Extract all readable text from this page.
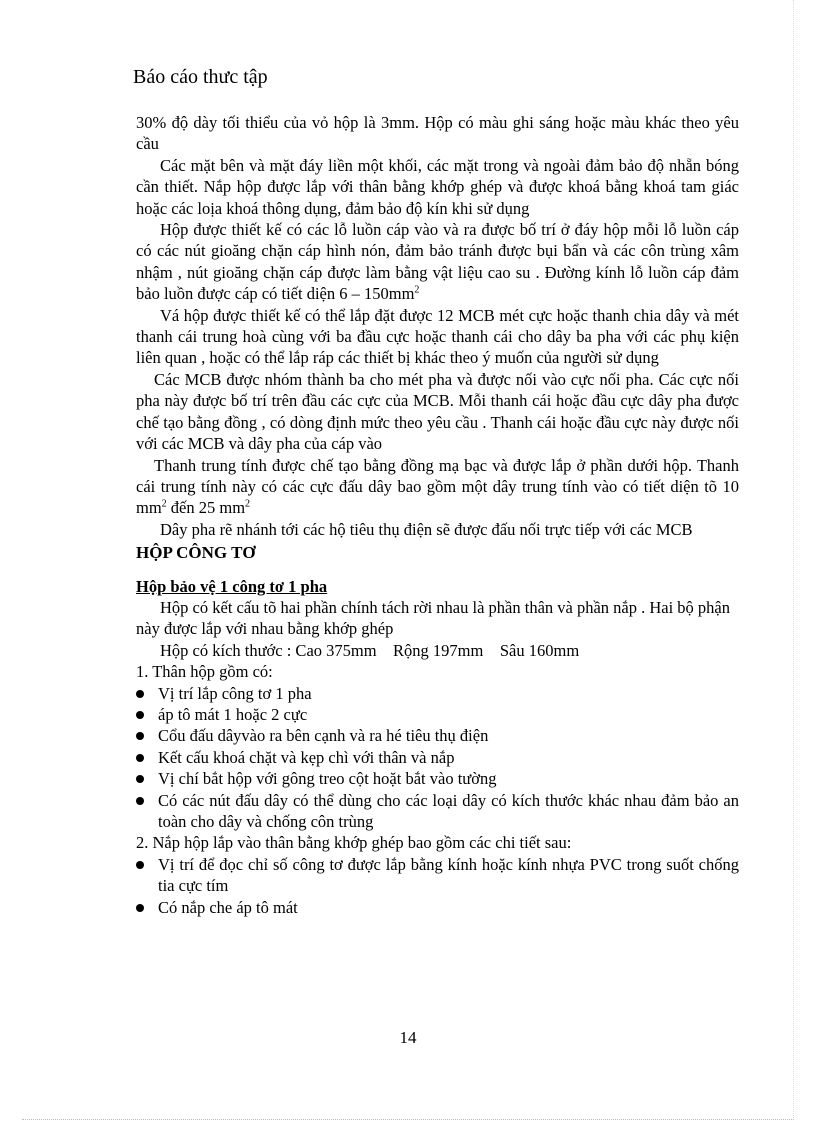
Báo cáo thưc tập

30% độ dày tối thiểu của vỏ hộp là 3mm. Hộp có màu ghi sáng hoặc màu khác theo yêu cầu

Các mặt bên và mặt đáy liền một khối, các mặt trong và ngoài đảm bảo độ nhẵn bóng cần thiết. Nắp hộp được lắp với thân bằng khớp ghép và được khoá bằng khoá tam giác hoặc các loịa khoá thông dụng, đảm bảo độ kín khi sử dụng

Hộp được thiết kế có các lỗ luồn cáp vào và ra được bố trí ở đáy hộp mỗi lỗ luồn cáp có các nút gioăng chặn cáp hình nón, đảm bảo tránh được bụi bẩn và các côn trùng xâm nhậm , nút gioăng chặn cáp được làm bằng vật liệu cao su . Đường kính lỗ luồn cáp đảm bảo luồn được cáp có tiết diện $6 - 150mm^2$

Vá hộp được thiết kế có thể lắp đặt được 12 MCB mét cực hoặc thanh chia dây và mét thanh cái trung hoà cùng với ba đầu cực hoặc thanh cái cho dây ba pha với các phụ kiện liên quan , hoặc có thể lắp ráp các thiết bị khác theo ý muốn của người sử dụng

Các MCB được nhóm thành ba cho mét pha và được nối vào cực nối pha. Các cực nối pha này được bố trí trên đầu các cực của MCB. Mỗi thanh cái hoặc đầu cực dây pha được chế tạo bằng đồng , có dòng định mức theo yêu cầu . Thanh cái hoặc đầu cực này được nối với các MCB và dây pha của cáp vào

Thanh trung tính được chế tạo bằng đồng mạ bạc và được lắp ở phần dưới hộp. Thanh cái trung tính này có các cực đấu dây bao gồm một dây trung tính vào có tiết diện tõ 10 $mm^2$ đến 25 $mm^2$

Dây pha rẽ nhánh tới các hộ tiêu thụ điện sẽ được đấu nối trực tiếp với các MCB

HỘP CÔNG TƠ
Hộp bảo vệ 1 công tơ 1 pha

Hộp có kết cấu tõ hai phần chính tách rời nhau là phần thân và phần nắp . Hai bộ phận này được lắp với nhau bằng khớp ghép

Hộp có kích thước : Cao 375mm    Rộng 197mm    Sâu 160mm

1. Thân hộp gồm có:

Vị trí lắp công tơ 1 pha
áp tô mát 1 hoặc 2 cực
Cổu đấu dâyvào ra bên cạnh và ra hé tiêu thụ điện
Kết cấu khoá chặt và kẹp chì với thân và nắp
Vị chí bắt hộp với gông treo cột hoặt bắt vào tường
Có các nút đấu dây có thể dùng cho các loại dây có kích thước khác nhau đảm bảo an toàn cho dây và chống côn trùng

2. Nắp hộp lắp vào thân bằng khớp ghép bao gồm các chi tiết sau:

Vị trí để đọc chỉ số công tơ được lắp bằng kính hoặc kính nhựa PVC trong suốt chống tia cực tím
Có nắp che áp tô mát
14
